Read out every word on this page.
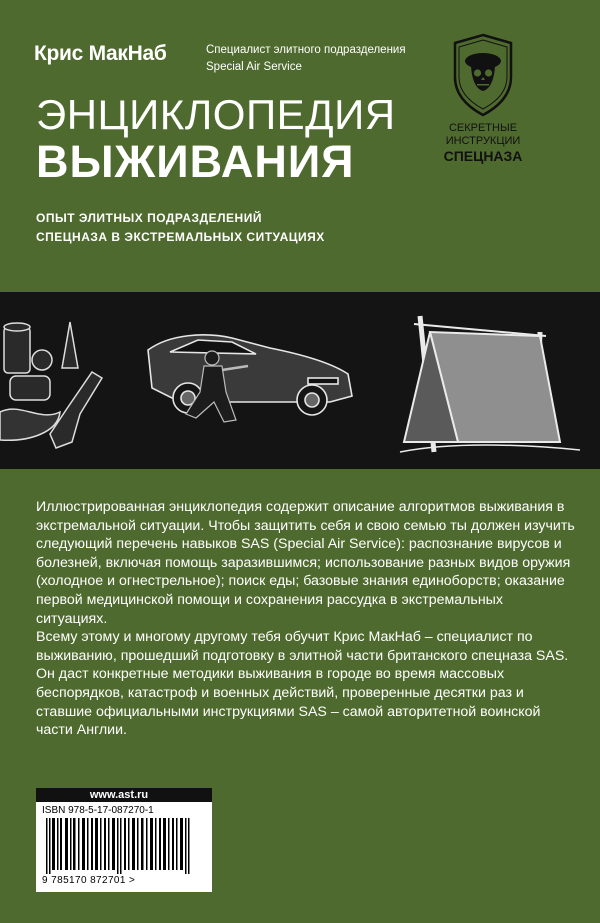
Крис МакНаб	Специалист элитного подразделения
Special Air Service
ЭНЦИКЛОПЕДИЯ
ВЫЖИВАНИЯ
ОПЫТ ЭЛИТНЫХ ПОДРАЗДЕЛЕНИЙ
СПЕЦНАЗА В ЭКСТРЕМАЛЬНЫХ СИТУАЦИЯХ
СЕКРЕТНЫЕ
ИНСТРУКЦИИ
СПЕЦНАЗА

Иллюстрированная энциклопедия содержит описание алгоритмов выживания в экстремальной ситуации. Чтобы защитить себя и свою семью ты должен изучить следующий перечень навыков SAS (Special Air Service): распознание вирусов и болезней, включая помощь заразившимся; использование разных видов оружия (холодное и огнестрельное); поиск еды; базовые знания единоборств; оказание первой медицинской помощи и сохранения рассудка в экстремальных ситуациях.

Всему этому и многому другому тебя обучит Крис МакНаб – специалист по выживанию, прошедший подготовку в элитной части британского спецназа SAS. Он даст конкретные методики выживания в городе во время массовых беспорядков, катастроф и военных действий, проверенные десятки раз и ставшие официальными инструкциями SAS – самой авторитетной воинской части Англии.

www.ast.ru
ISBN 978-5-17-087270-1
9 785170 872701 >
